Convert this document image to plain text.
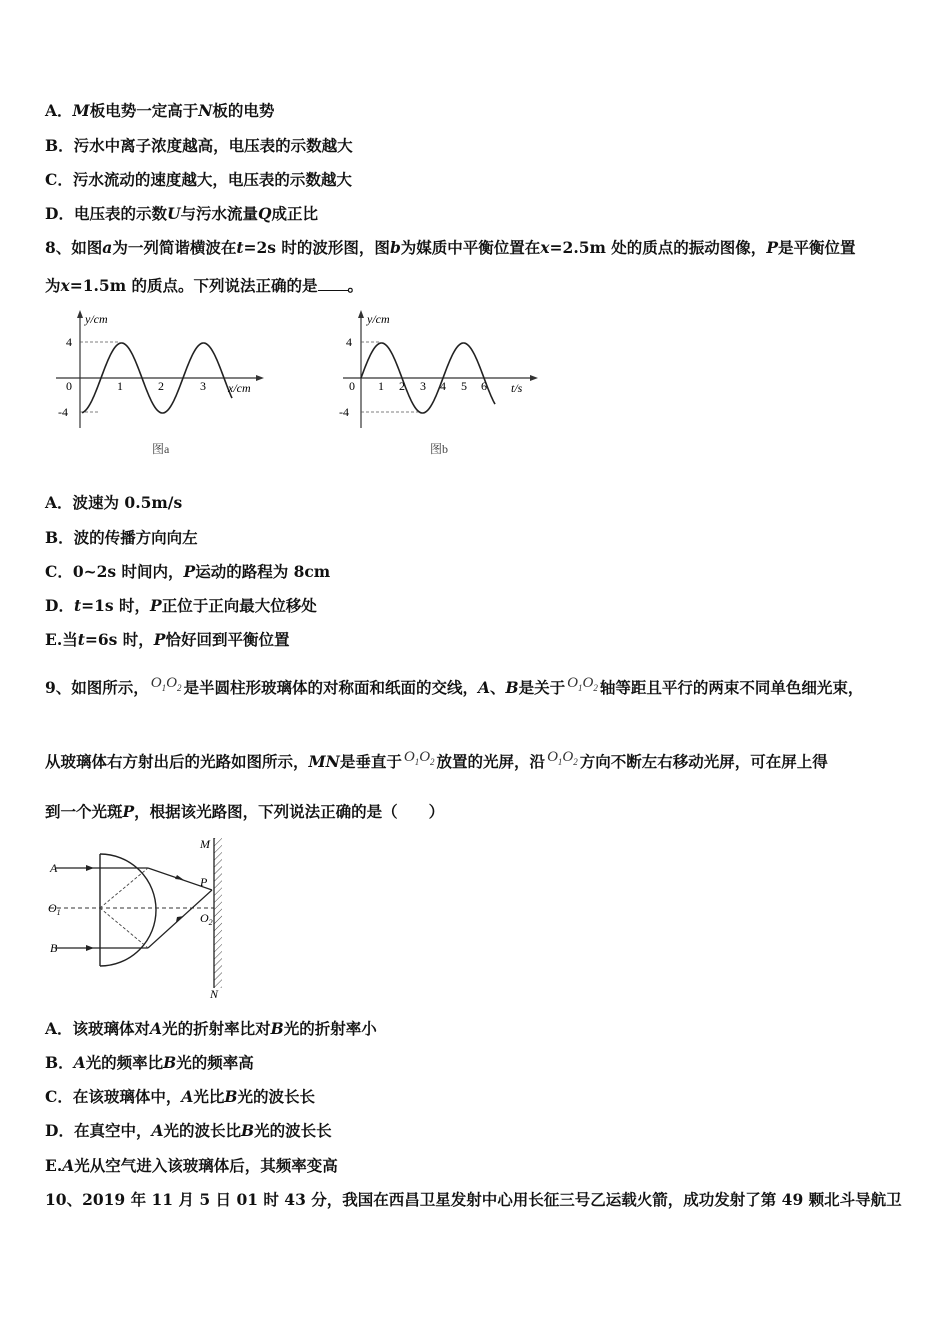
A．M板电势一定高于N板的电势
B．污水中离子浓度越高，电压表的示数越大
C．污水流动的速度越大，电压表的示数越大
D．电压表的示数U与污水流量Q成正比
8、如图a为一列简谐横波在t=2s 时的波形图，图b为媒质中平衡位置在x=2.5m 处的质点的振动图像，P是平衡位置
为x=1.5m 的质点。下列说法正确的是 。
y/cm
x/cm
4
-4
0	1	2	3
图a
y/cm
t/s
4
-4
0 1 2 3 4 5 6
图b
A．波速为 0.5m/s
B．波的传播方向向左
C．0~2s 时间内，P运动的路程为 8cm
D．t=1s 时，P正位于正向最大位移处
E.当t=6s 时，P恰好回到平衡位置
9、如图所示， $O_1O_2$ 是半圆柱形玻璃体的对称面和纸面的交线，A、B是关于 $O_1O_2$ 轴等距且平行的两束不同单色细光束，
从玻璃体右方射出后的光路如图所示，MN是垂直于 $O_1O_2$ 放置的光屏，沿 $O_1O_2$ 方向不断左右移动光屏，可在屏上得
到一个光斑P，根据该光路图，下列说法正确的是（　　）
A
B
$O_1$	$O_2$
P
M
N
A．该玻璃体对A光的折射率比对B光的折射率小
B．A光的频率比B光的频率高
C．在该玻璃体中，A光比B光的波长长
D．在真空中，A光的波长比B光的波长长
E.A光从空气进入该玻璃体后，其频率变高
10、2019 年 11 月 5 日 01 时 43 分，我国在西昌卫星发射中心用长征三号乙运载火箭，成功发射了第 49 颗北斗导航卫
